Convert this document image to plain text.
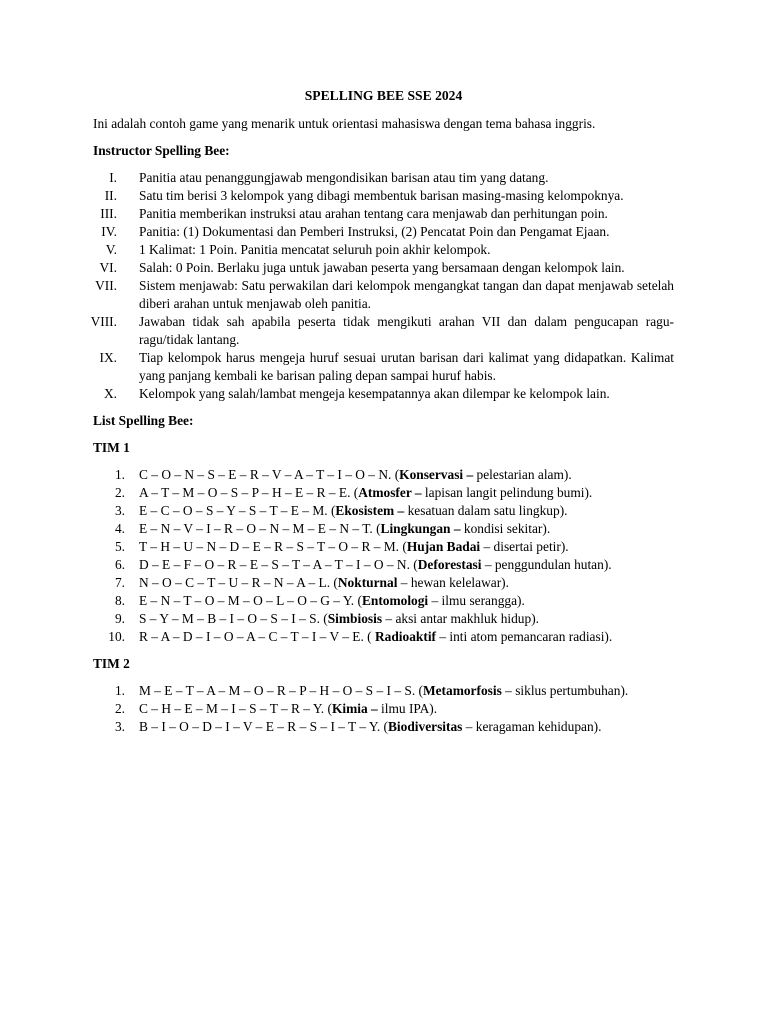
SPELLING BEE SSE 2024
Ini adalah contoh game yang menarik untuk orientasi mahasiswa dengan tema bahasa inggris.
Instructor Spelling Bee:
I. Panitia atau penanggungjawab mengondisikan barisan atau tim yang datang.
II. Satu tim berisi 3 kelompok yang dibagi membentuk barisan masing-masing kelompoknya.
III. Panitia memberikan instruksi atau arahan tentang cara menjawab dan perhitungan poin.
IV. Panitia: (1) Dokumentasi dan Pemberi Instruksi, (2) Pencatat Poin dan Pengamat Ejaan.
V. 1 Kalimat: 1 Poin. Panitia mencatat seluruh poin akhir kelompok.
VI. Salah: 0 Poin. Berlaku juga untuk jawaban peserta yang bersamaan dengan kelompok lain.
VII. Sistem menjawab: Satu perwakilan dari kelompok mengangkat tangan dan dapat menjawab setelah diberi arahan untuk menjawab oleh panitia.
VIII. Jawaban tidak sah apabila peserta tidak mengikuti arahan VII dan dalam pengucapan ragu-ragu/tidak lantang.
IX. Tiap kelompok harus mengeja huruf sesuai urutan barisan dari kalimat yang didapatkan. Kalimat yang panjang kembali ke barisan paling depan sampai huruf habis.
X. Kelompok yang salah/lambat mengeja kesempatannya akan dilempar ke kelompok lain.
List Spelling Bee:
TIM 1
1. C – O – N – S – E – R – V – A – T – I – O – N. (Konservasi – pelestarian alam).
2. A – T – M – O – S – P – H – E – R – E. (Atmosfer – lapisan langit pelindung bumi).
3. E – C – O – S – Y – S – T – E – M. (Ekosistem – kesatuan dalam satu lingkup).
4. E – N – V – I – R – O – N – M – E – N – T. (Lingkungan – kondisi sekitar).
5. T – H – U – N – D – E – R – S – T – O – R – M. (Hujan Badai – disertai petir).
6. D – E – F – O – R – E – S – T – A – T – I – O – N. (Deforestasi – penggundulan hutan).
7. N – O – C – T – U – R – N – A – L. (Nokturnal – hewan kelelawar).
8. E – N – T – O – M – O – L – O – G – Y. (Entomologi – ilmu serangga).
9. S – Y – M – B – I – O – S – I – S. (Simbiosis – aksi antar makhluk hidup).
10. R – A – D – I – O – A – C – T – I – V – E. ( Radioaktif – inti atom pemancaran radiasi).
TIM 2
1. M – E – T – A – M – O – R – P – H – O – S – I – S. (Metamorfosis – siklus pertumbuhan).
2. C – H – E – M – I – S – T – R – Y. (Kimia – ilmu IPA).
3. B – I – O – D – I – V – E – R – S – I – T – Y. (Biodiversitas – keragaman kehidupan).
